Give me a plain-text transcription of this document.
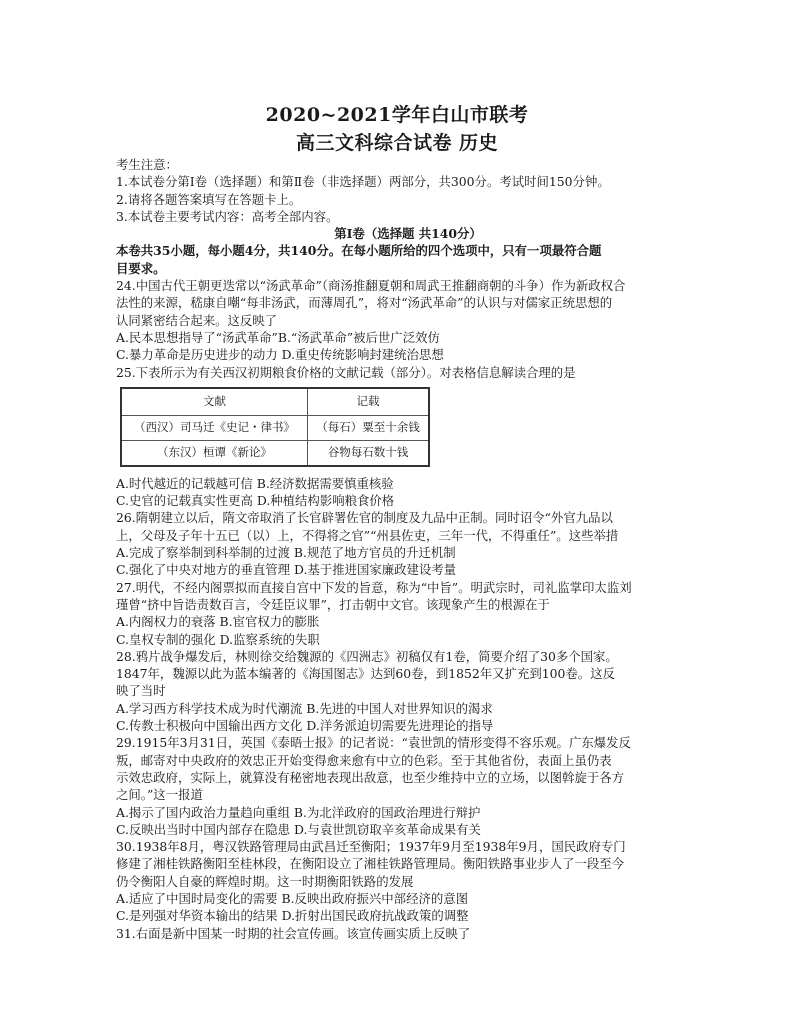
2020~2021学年白山市联考
高三文科综合试卷 历史
考生注意：
1.本试卷分第Ⅰ卷（选择题）和第Ⅱ卷（非选择题）两部分，共300分。考试时间150分钟。
2.请将各题答案填写在答题卡上。
3.本试卷主要考试内容：高考全部内容。
第Ⅰ卷（选择题 共140分）
本卷共35小题，每小题4分，共140分。在每小题所给的四个选项中，只有一项最符合题
目要求。
24.中国古代王朝更迭常以“汤武革命”（商汤推翻夏朝和周武王推翻商朝的斗争）作为新政权合
法性的来源，嵇康自嘲“每非汤武，而薄周孔”，将对“汤武革命”的认识与对儒家正统思想的
认同紧密结合起来。这反映了
A.民本思想指导了“汤武革命”B.“汤武革命”被后世广泛效仿
C.暴力革命是历史进步的动力 D.重史传统影响封建统治思想
25.下表所示为有关西汉初期粮食价格的文献记载（部分）。对表格信息解读合理的是
文献	记载
（西汉）司马迁《史记・律书》	（每石）粟至十余钱
（东汉）桓谭《新论》	谷物每石数十钱
A.时代越近的记载越可信 B.经济数据需要慎重核验
C.史官的记载真实性更高 D.种植结构影响粮食价格
26.隋朝建立以后，隋文帝取消了长官辟署佐官的制度及九品中正制。同时诏令“外官九品以
上，父母及子年十五已（以）上，不得将之官”“州县佐吏，三年一代，不得重任”。这些举措
A.完成了察举制到科举制的过渡 B.规范了地方官员的升迁机制
C.强化了中央对地方的垂直管理 D.基于推进国家廉政建设考量
27.明代，不经内阁票拟而直接自宫中下发的旨意，称为“中旨”。明武宗时，司礼监掌印太监刘
瑾曾“挤中旨诰责数百言，令廷臣议罪”，打击朝中文官。该现象产生的根源在于
A.内阁权力的衰落 B.宦官权力的膨胀
C.皇权专制的强化 D.监察系统的失职
28.鸦片战争爆发后，林则徐交给魏源的《四洲志》初稿仅有1卷，简要介绍了30多个国家。
1847年，魏源以此为蓝本编著的《海国图志》达到60卷，到1852年又扩充到100卷。这反
映了当时
A.学习西方科学技术成为时代潮流 B.先进的中国人对世界知识的渴求
C.传教士积极向中国输出西方文化 D.洋务派迫切需要先进理论的指导
29.1915年3月31日，英国《泰晤士报》的记者说：“袁世凯的情形变得不容乐观。广东爆发反
叛，邮寄对中央政府的效忠正开始变得愈来愈有中立的色彩。至于其他省份，表面上虽仍表
示效忠政府，实际上，就算没有秘密地表现出敌意，也至少维持中立的立场，以图斡旋于各方
之间。”这一报道
A.揭示了国内政治力量趋向重组 B.为北洋政府的国政治理进行辩护
C.反映出当时中国内部存在隐患 D.与袁世凯窃取辛亥革命成果有关
30.1938年8月，粤汉铁路管理局由武昌迁至衡阳；1937年9月至1938年9月，国民政府专门
修建了湘桂铁路衡阳至桂林段，在衡阳设立了湘桂铁路管理局。衡阳铁路事业步人了一段至今
仍令衡阳人自豪的辉煌时期。这一时期衡阳铁路的发展
A.适应了中国时局变化的需要 B.反映出政府振兴中部经济的意图
C.是列强对华资本输出的结果 D.折射出国民政府抗战政策的调整
31.右面是新中国某一时期的社会宣传画。该宣传画实质上反映了
